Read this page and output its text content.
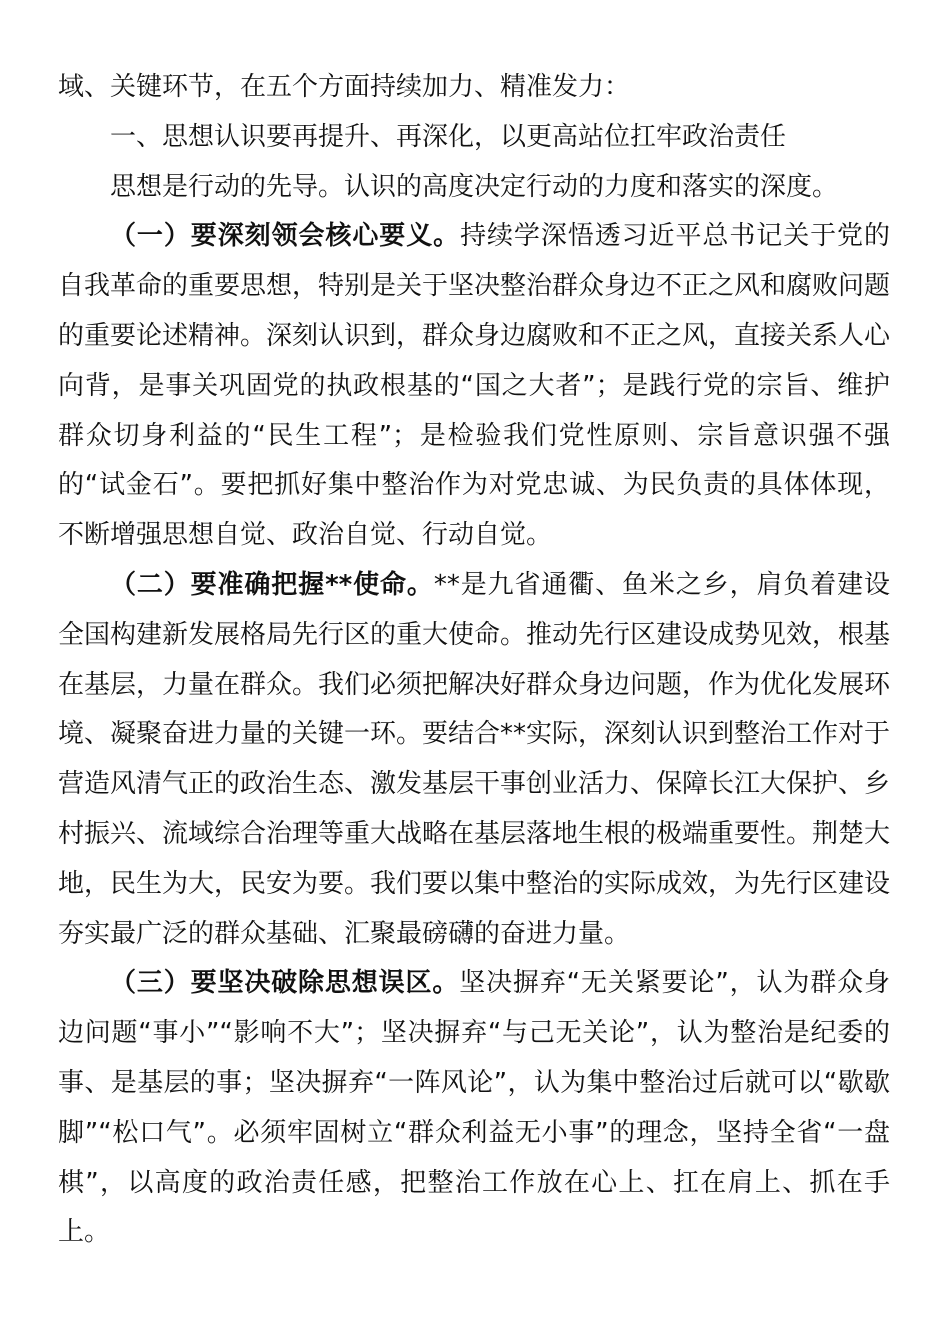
域、关键环节，在五个方面持续加力、精准发力：

一、思想认识要再提升、再深化，以更高站位扛牢政治责任

思想是行动的先导。认识的高度决定行动的力度和落实的深度。

（一）要深刻领会核心要义。持续学深悟透习近平总书记关于党的自我革命的重要思想，特别是关于坚决整治群众身边不正之风和腐败问题的重要论述精神。深刻认识到，群众身边腐败和不正之风，直接关系人心向背，是事关巩固党的执政根基的“国之大者”；是践行党的宗旨、维护群众切身利益的“民生工程”；是检验我们党性原则、宗旨意识强不强的“试金石”。要把抓好集中整治作为对党忠诚、为民负责的具体体现，不断增强思想自觉、政治自觉、行动自觉。

（二）要准确把握**使命。**是九省通衢、鱼米之乡，肩负着建设全国构建新发展格局先行区的重大使命。推动先行区建设成势见效，根基在基层，力量在群众。我们必须把解决好群众身边问题，作为优化发展环境、凝聚奋进力量的关键一环。要结合**实际，深刻认识到整治工作对于营造风清气正的政治生态、激发基层干事创业活力、保障长江大保护、乡村振兴、流域综合治理等重大战略在基层落地生根的极端重要性。荆楚大地，民生为大，民安为要。我们要以集中整治的实际成效，为先行区建设夯实最广泛的群众基础、汇聚最磅礴的奋进力量。

（三）要坚决破除思想误区。坚决摒弃“无关紧要论”，认为群众身边问题“事小”“影响不大”；坚决摒弃“与己无关论”，认为整治是纪委的事、是基层的事；坚决摒弃“一阵风论”，认为集中整治过后就可以“歇歇脚”“松口气”。必须牢固树立“群众利益无小事”的理念，坚持全省“一盘棋”，以高度的政治责任感，把整治工作放在心上、扛在肩上、抓在手上。
